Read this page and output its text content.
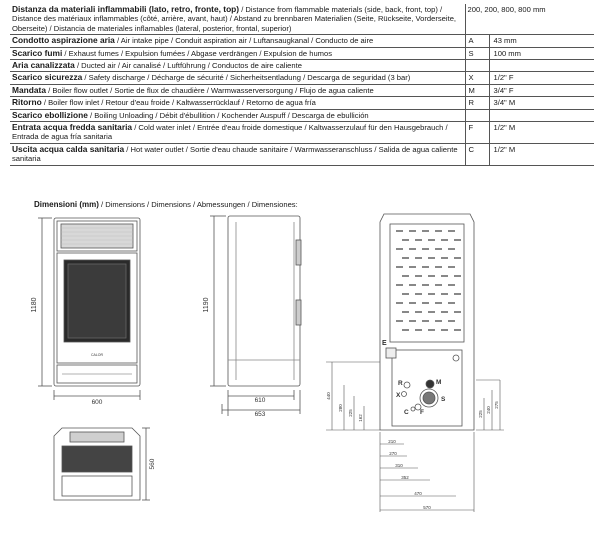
Distanza da materiali inflammabili (lato, retro, fronte, top) / Distance from flammable materials (side, back, front, top) / Distance des matériaux inflammables (côté, arrière, avant, haut) / Abstand zu brennbaren Materialien (Seite, Rückseite, Vorderseite, Oberseite) / Distancia de materiales inflamables (lateral, posterior, frontal, superior)	200, 200, 800, 800 mm	
Condotto aspirazione aria / Air intake pipe / Conduit aspiration air / Luftansaugkanal / Conducto de aire	A	43 mm
Scarico fumi / Exhaust fumes / Expulsion fumées / Abgase verdrängen / Expulsion de humos	S	100 mm
Aria canalizzata / Ducted air / Air canalisé / Luftführung / Conductos de aire caliente		
Scarico sicurezza / Safety discharge / Décharge de sécurité / Sicherheitsentladung / Descarga de seguridad (3 bar)	X	1/2" F
Mandata / Boiler flow outlet / Sortie de flux de chaudière / Warmwasserversorgung / Flujo de agua caliente	M	3/4" F
Ritorno / Boiler flow inlet / Retour d'eau froide / Kaltwasserrücklauf / Retorno de agua fría	R	3/4" M
Scarico ebollizione / Boiling Unloading / Débit d'ébullition / Kochender Auspuff / Descarga de ebullición		
Entrata acqua fredda sanitaria / Cold water inlet / Entrée d'eau froide domestique / Kaltwasserzulauf für den Hausgebrauch / Entrada de agua fría sanitaria	F	1/2" M
Uscita acqua calda sanitaria / Hot water outlet / Sortie d'eau chaude sanitaire / Warmwasseranschluss / Salida de agua caliente sanitaria	C	1/2" M
Dimensioni (mm) / Dimensions / Dimensions / Abmessungen / Dimensiones:
1180
600
CALOR
1190
610
653
560
E
R
X
C F
M
S
440
280
225
162
225
240
275
210
270
310
352
470
570
